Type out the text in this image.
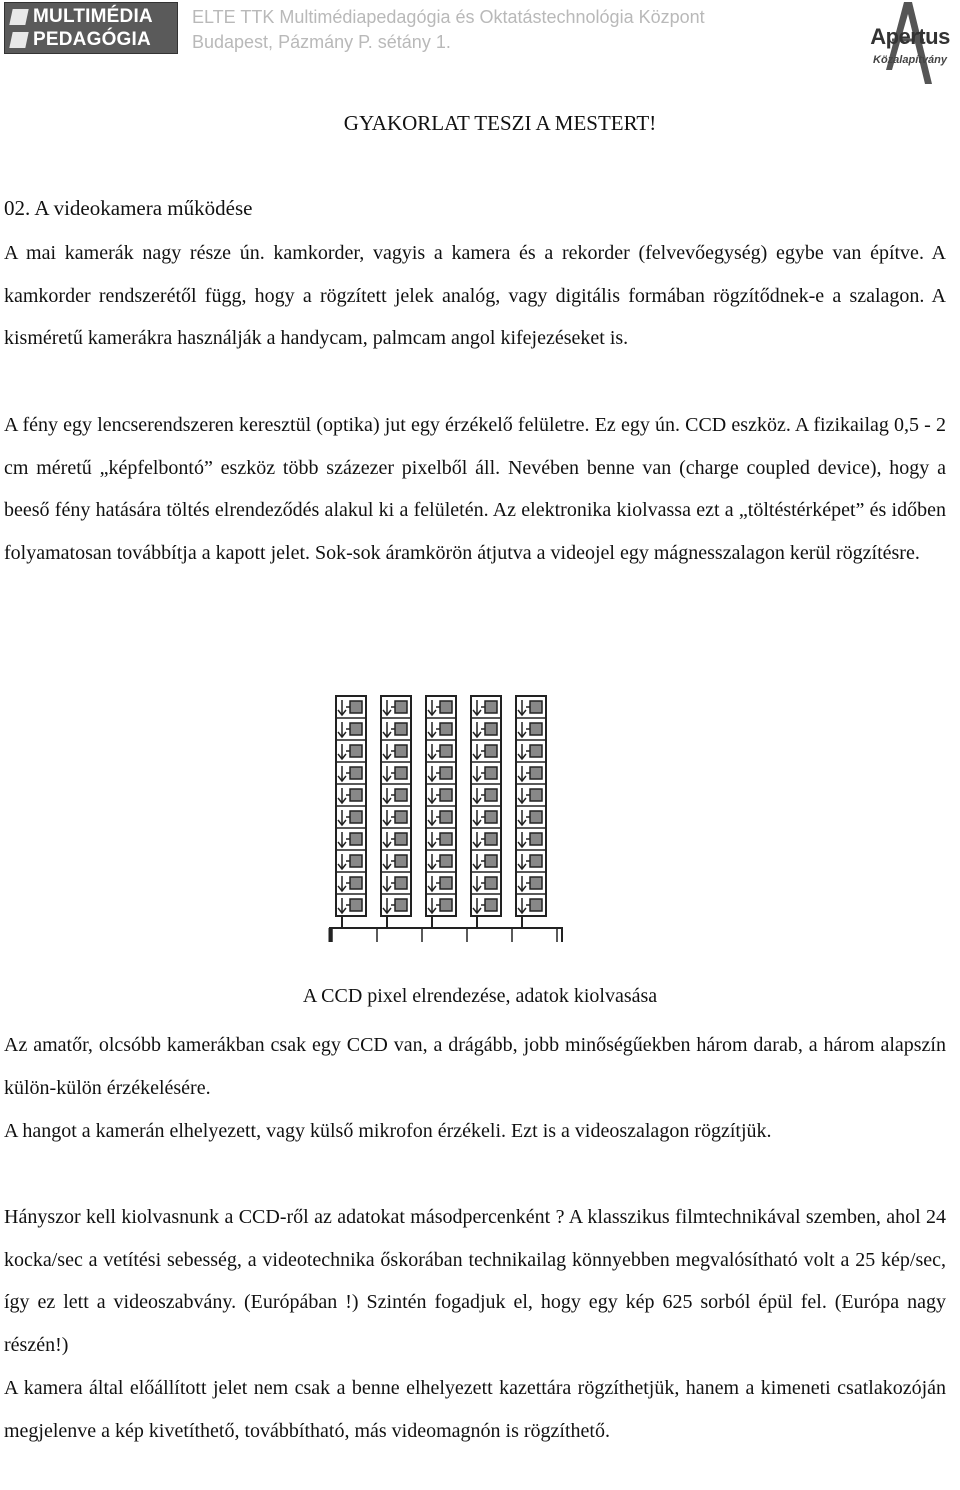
MULTIMÉDIA
PEDAGÓGIA
ELTE TTK Multimédiapedagógia és Oktatástechnológia Központ
Budapest, Pázmány P. sétány 1.	Apertus
Közalapítvány
GYAKORLAT TESZI A MESTERT!
02. A videokamera működése

A mai kamerák nagy része ún. kamkorder, vagyis a kamera és a rekorder (felvevőegység) egybe van építve. A kamkorder rendszerétől függ, hogy a rögzített jelek analóg, vagy digitális formában rögzítődnek-e a szalagon. A kisméretű kamerákra használják a handycam, palmcam angol kifejezéseket is.

A fény egy lencserendszeren keresztül (optika) jut egy érzékelő felületre. Ez egy ún. CCD eszköz. A fizikailag 0,5 - 2 cm méretű „képfelbontó” eszköz több százezer pixelből áll. Nevében benne van (charge coupled device), hogy a beeső fény hatására töltés elrendeződés alakul ki a felületén. Az elektronika kiolvassa ezt a „töltéstérképet” és időben folyamatosan továbbítja a kapott jelet. Sok-sok áramkörön átjutva a videojel egy mágnesszalagon kerül rögzítésre.

A CCD pixel elrendezése, adatok kiolvasása

Az amatőr, olcsóbb kamerákban csak egy CCD van, a drágább, jobb minőségűekben három darab, a három alapszín külön-külön érzékelésére.

A hangot a kamerán elhelyezett, vagy külső mikrofon érzékeli. Ezt is a videoszalagon rögzítjük.

Hányszor kell kiolvasnunk a CCD-ről az adatokat másodpercenként ? A klasszikus filmtechnikával szemben, ahol 24 kocka/sec a vetítési sebesség, a videotechnika őskorában technikailag könnyebben megvalósítható volt a 25 kép/sec, így ez lett a videoszabvány. (Európában !) Szintén fogadjuk el, hogy egy kép 625 sorból épül fel. (Európa nagy részén!)

A kamera által előállított jelet nem csak a benne elhelyezett kazettára rögzíthetjük, hanem a kimeneti csatlakozóján megjelenve a kép kivetíthető, továbbítható, más videomagnón is rögzíthető.
